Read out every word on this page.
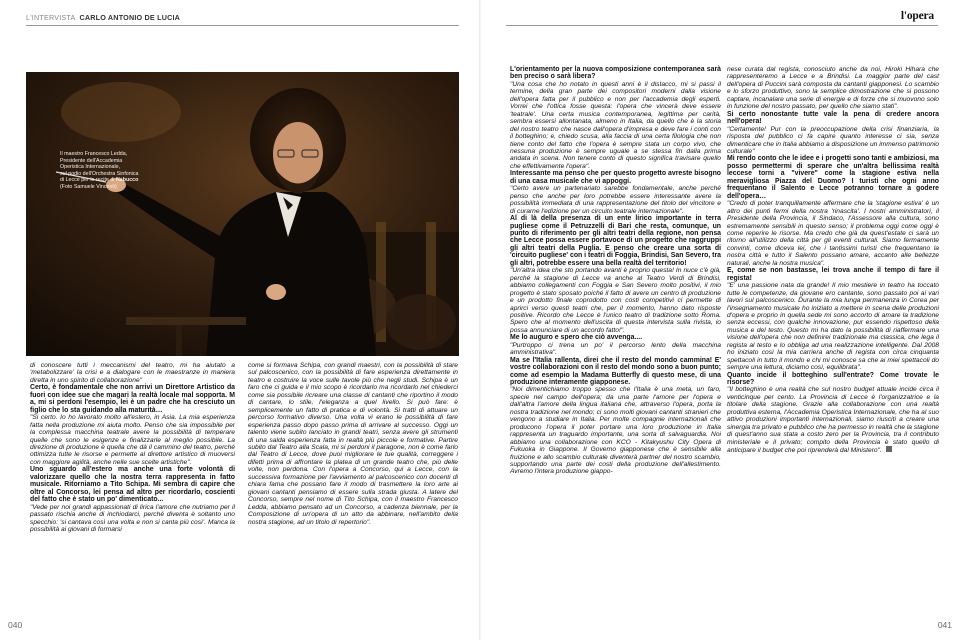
L'INTERVISTA CARLO ANTONIO DE LUCIA
Il maestro Francesco Ledda,
Presidente dell'Accademia
Operistica Internazionale,
sul podio dell'Orchestra Sinfonica
di Lecce per le recite di Nabucco
(Foto Samuele Vincenti)

di conoscere tutti i meccanismi del teatro, mi ha aiutato a 'metabolizzare' la crisi e a dialogare con le maestranze in maniera diretta in uno spirito di collaborazione"

Certo, è fondamentale che non arrivi un Direttore Artistico da fuori con idee sue che magari la realtà locale mal sopporta. M a, mi si perdoni l'esempio, lei è un padre che ha cresciuto un figlio che lo sta guidando alla maturità…

"Si certo. Io ho lavorato molto all'estero, in Asia. La mia esperienza fatta nella produzione mi aiuta molto. Penso che sia impossibile per la complessa macchina teatrale avere la possibilità di temperare quelle che sono le esigenze e finalizzarle al meglio possibile. La direzione di produzione è quella che dà il cammino del teatro, perché ottimizza tutte le risorse e permette al direttore artistico di muoversi con maggiore agilità, anche nelle sue scelte artistiche".

Uno sguardo all'estero ma anche una forte volontà di valorizzare quello che la nostra terra rappresenta in fatto musicale. Ritorniamo a Tito Schipa. Mi sembra di capire che oltre al Concorso, lei pensa ad altro per ricordarlo, coscienti del fatto che è stato un po' dimenticato...

"Vede per noi grandi appassionati di lirica l'amore che nutriamo per il passato rischia anche di inchiodarci, perché diventa è soltanto uno specchio: 'si cantava così una volta e non si canta più così'. Manca la possibilità ai giovani di formarsi

come si formava Schipa, con grandi maestri, con la possibilità di stare sul palcoscenico, con la possibilità di fare esperienza direttamente in teatro e costruire la voce sulle tavole più che negli studi. Schipa è un faro che ci guida e il mio scopo è ricordarlo ma ricordarlo nel chiederci come sia possibile ricreare una classe di cantanti che riportino il modo di cantare, lo stile, l'eleganza a quel livello. Si può fare: è semplicemente un fatto di pratica e di volontà. Si tratti di attuare un percorso formativo diverso. Una volta vi erano le possibilità di fare esperienza passo dopo passo prima di arrivare al successo. Oggi un talento viene subito lanciato in grandi teatri, senza avere gli strumenti di una salda esperienza fatta in realtà più piccole e formative. Partire subito dal Teatro alla Scala, mi si perdoni il paragone, non è come farlo dal Teatro di Lecce, dove puoi migliorare le tue qualità, correggere i difetti prima di affrontare la platea di un grande teatro che, più delle volte, non perdona. Con l'opera a Concorso, qui a Lecce, con la successiva formazione per l'avviamento al palcoscenico con docenti di chiara fama che possano fare il modo di trasmettere la loro arte ai giovani cantanti pensiamo di essere sulla strada giusta. A latere del Concorso, sempre nel nome di Tito Schipa, con il maestro Francesco Ledda, abbiamo pensato ad un Concorso, a cadenza biennale, per la Composizione di un'opera di un atto da abbinare, nell'ambito della nostra stagione, ad un titolo di repertorio".

040
l'opera

L'orientamento per la nuova composizione contemporanea sarà ben preciso o sarà libera?

"Una cosa che ho notato in questi anni è il distacco, mi si passi il termine, della gran parte dei compositori moderni dalla visione dell'opera fatta per il pubblico e non per l'accademia degli esperti. Vorrei che l'ottica fosse questa: l'opera che vincerà deve essere 'teatrale'. Una certa musica contemporanea, legittima per carità, sembra essersi allontanata, almeno in Italia, da quello che è la storia del nostro teatro che nasce dall'opera d'impresa e deve fare i conti con il botteghino; e, chiedo scusa, alla faccia di una certa filologia che non tiene conto del fatto che l'opera è sempre stata un corpo vivo, che nessuna produzione è sempre uguale a se stessa fin dalla prima andata in scena. Non tenere conto di questo significa travisare quello che effettivamente l'opera".

Interessante ma penso che per questo progetto avreste bisogno di una casa musicale che vi appoggi.

"Certo avere un partenariato sarebbe fondamentale, anche perché penso che anche per loro potrebbe essere interessante avere la possibilità immediata di una rappresentazione del titolo del vincitore e di curarne l'edizione per un circuito teatrale internazionale".

Al di là della presenza di un ente lirico importante in terra pugliese come il Petruzzelli di Bari che resta, comunque, un punto di riferimento per gli altri teatri della regione, non pensa che Lecce possa essere portavoce di un progetto che raggruppi gli altri teatri della Puglia. E penso che creare una sorta di 'circuito pugliese' con i teatri di Foggia, Brindisi, San Severo, tra gli altri, potrebbe essere una bella realtà del territorio!

"Un'altra idea che sto portando avanti è proprio questa! In nuce c'è già, perché la stagione di Lecce va anche al Teatro Verdi di Brindisi, abbiamo collegamenti con Foggia e San Severo molto positivi, il mio progetto è stato sposato poiché il fatto di avere un centro di produzione e un prodotto finale coprodotto con costi competitivi ci permette di aprirci verso questi teatri che, per il momento, hanno dato risposte positive. Ricordo che Lecce è l'unico teatro di tradizione sotto Roma. Spero che al momento dell'uscita di questa intervista sulla rivista, io possa annunciare di un accordo fatto!".

Me lo auguro e spero che ciò avvenga....

"Purtroppo ci trena un po' il percorso lento della macchina amministrativa".

Ma se l'Italia rallenta, direi che il resto del mondo cammina! E' vostre collaborazioni con il resto del mondo sono a buon punto; come ad esempio la Madama Butterfly di questo mese, di una produzione interamente giapponese.

"Noi dimentichiamo troppo spesso che l'Italia è una meta, un faro, specie nel campo dell'opera; da una parte l'amore per l'opera e dall'altra l'amore della lingua italiana che, attraverso l'opera, porta la nostra tradizione nel mondo; ci sono molti giovani cantanti stranieri che vengono a studiare in Italia. Per molte compagnie internazionali che producono l'opera il poter portare una loro produzione in Italia rappresenta un traguardo importante, una sorta di salvaguardia. Noi abbiamo una collaborazione con KCO - Kitakyushu City Opera di Fukuoka in Giappone. Il Governo giapponese che è sensibile alla fruizione e allo scambio culturale diventerà partner del nostro scambio, supportando una parte dei costi della produzione dell'allestimento. Avremo l'intera produzione giappo-

nese curata dal regista, conosciuto anche da noi, Hiroki Hihara che rappresenteremo a Lecce e a Brindisi. La maggior parte del cast dell'opera di Puccini sarà composta da cantanti giapponesi. Lo scambio e lo sforzo produttivo, sono la semplice dimostrazione che si possono captare, incanalare una serie di energie e di forze che si muovono solo in funzione del nostro passato, per quello che siamo stati".

Si certo nonostante tutte vale la pena di credere ancora nell'opera!

"Certamente! Pur con la preoccupazione della crisi finanziaria, la risposta del pubblico ci fa capire quanto interesse ci sia, senza dimenticare che in Italia abbiamo a disposizione un immenso patrimonio culturale"

Mi rendo conto che le idee e i progetti sono tanti e ambiziosi, ma posso permettermi di sperare che un'altra bellissima realtà leccese torni a "vivere" come la stagione estiva nella meravigliosa Piazza del Duomo? I turisti che ogni anno frequentano il Salento e Lecce potranno tornare a godere dell'opera…

"Credo di poter tranquillamente affermare che la 'stagione estiva' è un altro dei punti fermi della nostra 'rinascita'. I nostri amministratori, il Presidente della Provincia, il Sindaco, l'Assessore alla cultura, sono estremamente sensibili in questo senso; il problema oggi come oggi è come reperire le risorse. Ma credo che già da quest'estate ci sarà un ritorno all'utilizzo della città per gli eventi culturali. Siamo fermamente convinti, come diceva lei, che i tantissimi turisti che frequentano la nostra città e tutto il Salento possano amare, accanto alle bellezze naturali, anche la nostra musica".

E, come se non bastasse, lei trova anche il tempo di fare il regista!

"E' una passione nata da grande! Il mio mestiere in teatro ha toccato tutte le competenze, da giovane ero cantante, sono passato poi ai vari lavori sul palcoscenico. Durante la mia lunga permanenza in Corea per l'insegnamento musicale ho iniziato a mettere in scena delle produzioni d'opera e proprio in quella sede mi sono accorto di amare la tradizione senza eccessi, con qualche innovazione, pur essendo rispettoso della musica e del testo. Questo mi ha dato la possibilità di riaffermare una visione dell'opera che non definirei tradizionale ma classica, che lega il regista al testo e lo obbliga ad una realizzazione intelligente. Dal 2008 ho iniziato così la mia carriera anche di regista con circa cinquanta spettacoli in tutto il mondo e chi mi conosce sa che ai miei spettacoli do sempre una lettura, diciamo così, equilibrata".

Quanto incide il botteghino sull'entrate? Come trovate le risorse?

"Il botteghino è una realtà che sul nostro budget attuale incide circa il venticinque per cento. La Provincia di Lecce è l'organizzatrice e la titolare della stagione. Grazie alla collaborazione con una realtà produttiva esterna, l'Accademia Operistica Internazionale, che ha al suo attivo produzioni importanti internazionali, siamo riusciti a creare una sinergia tra privato e pubblico che ha permesso in realtà che la stagione di quest'anno sua stata a costo zero per la Provincia, tra il contributo ministeriale e il privato; compito della Provincia è stato quello di anticipare il budget che poi riprenderà dal Ministero".

041
